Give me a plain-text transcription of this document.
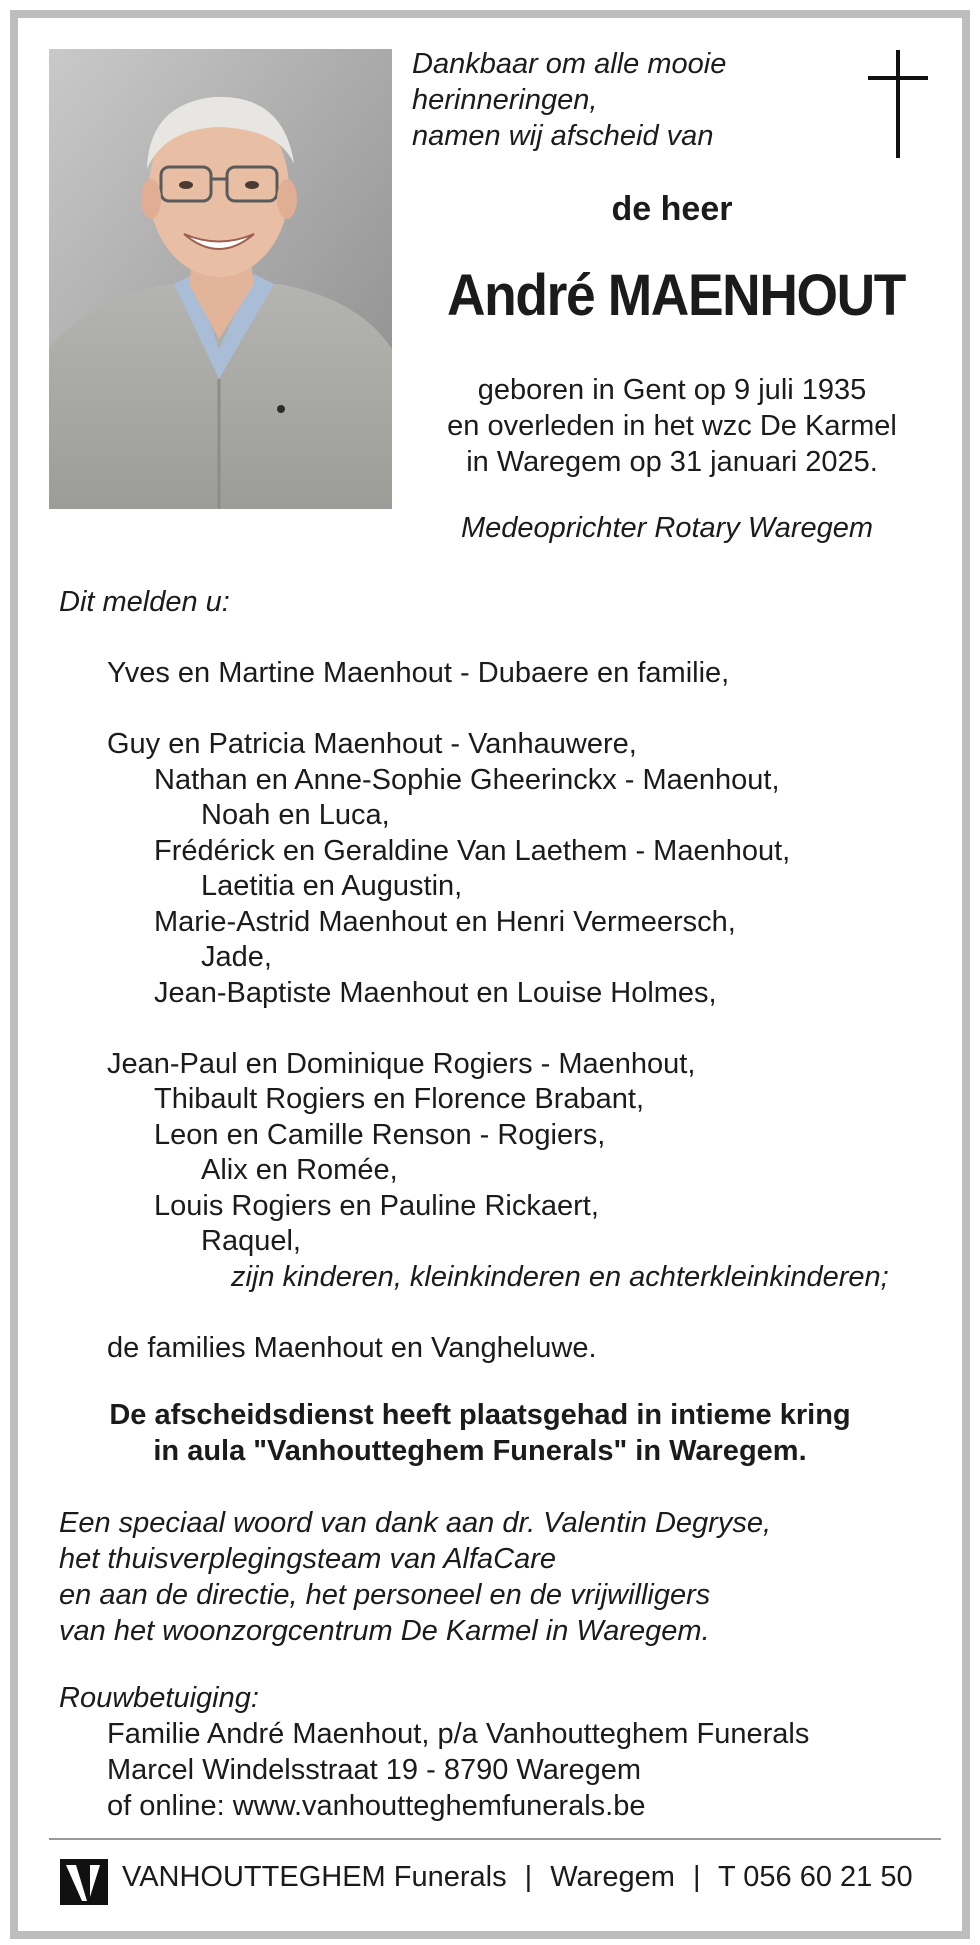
Dankbaar om alle mooie
herinneringen,
namen wij afscheid van
de heer
André MAENHOUT
geboren in Gent op 9 juli 1935
en overleden in het wzc De Karmel
in Waregem op 31 januari 2025.
Medeoprichter Rotary Waregem
Dit melden u:
Yves en Martine Maenhout - Dubaere en familie,
Guy en Patricia Maenhout - Vanhauwere,
Nathan en Anne-Sophie Gheerinckx - Maenhout,
Noah en Luca,
Frédérick en Geraldine Van Laethem - Maenhout,
Laetitia en Augustin,
Marie-Astrid Maenhout en Henri Vermeersch,
Jade,
Jean-Baptiste Maenhout en Louise Holmes,
Jean-Paul en Dominique Rogiers - Maenhout,
Thibault Rogiers en Florence Brabant,
Leon en Camille Renson - Rogiers,
Alix en Romée,
Louis Rogiers en Pauline Rickaert,
Raquel,
zijn kinderen, kleinkinderen en achterkleinkinderen;
de families Maenhout en Vangheluwe.
De afscheidsdienst heeft plaatsgehad in intieme kring
in aula "Vanhoutteghem Funerals" in Waregem.
Een speciaal woord van dank aan dr. Valentin Degryse,
het thuisverplegingsteam van AlfaCare
en aan de directie, het personeel en de vrijwilligers
van het woonzorgcentrum De Karmel in Waregem.
Rouwbetuiging:
Familie André Maenhout, p/a Vanhoutteghem Funerals
Marcel Windelsstraat 19 - 8790 Waregem
of online: www.vanhoutteghemfunerals.be
VANHOUTTEGHEM Funerals | Waregem | T 056 60 21 50
